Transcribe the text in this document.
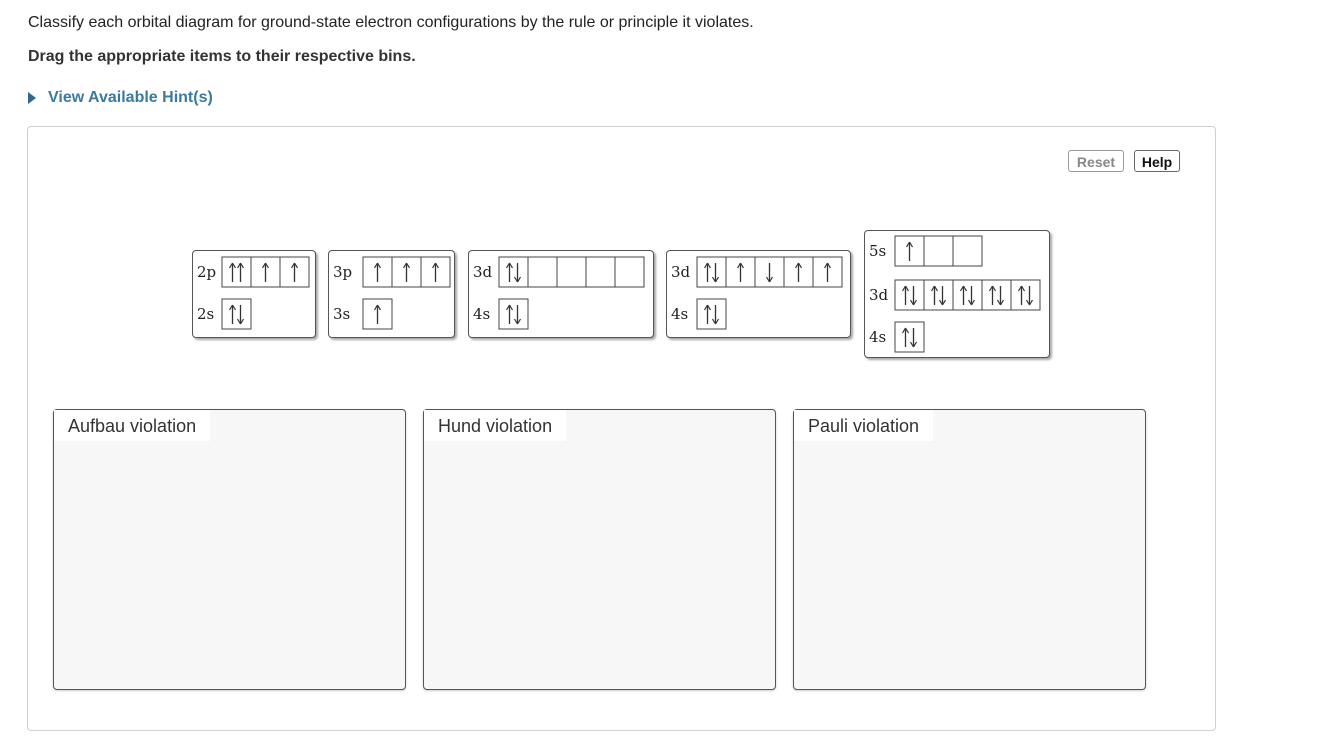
Classify each orbital diagram for ground-state electron configurations by the rule or principle it violates.
Drag the appropriate items to their respective bins.
View Available Hint(s)
Reset	Help
2p
2s
3p
3s
3d
4s
3d
4s
5s
3d
4s
Aufbau violation	Hund violation	Pauli violation
